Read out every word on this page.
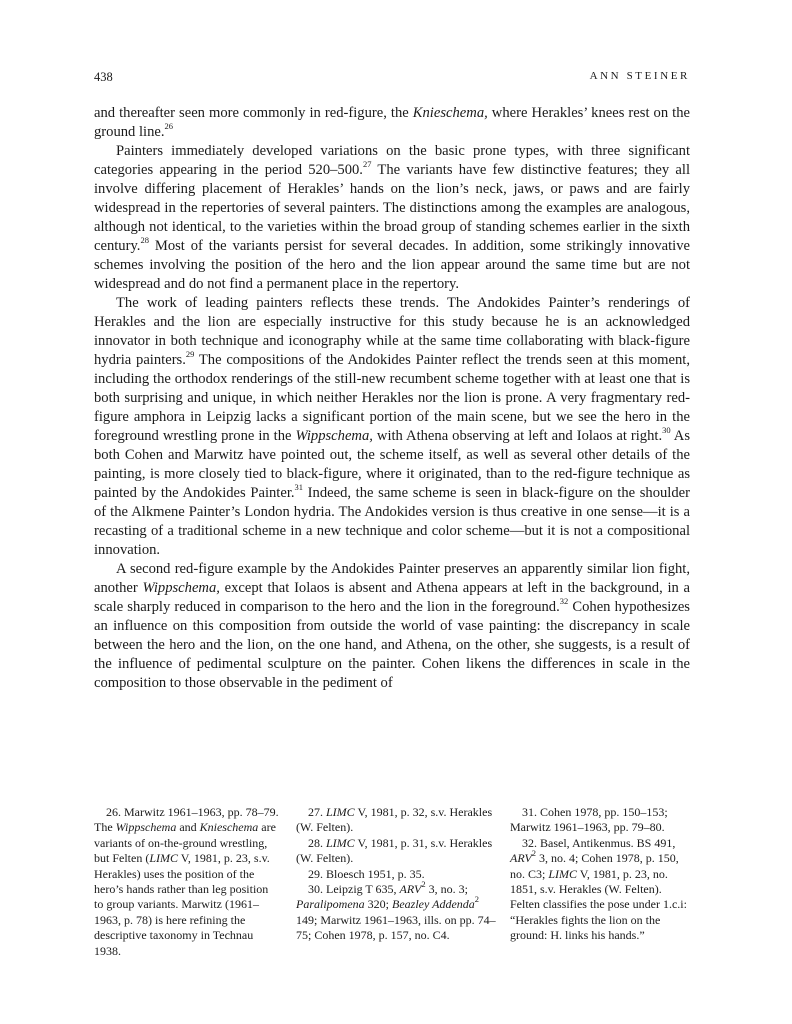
438	ANN STEINER

and thereafter seen more commonly in red-figure, the Knieschema, where Herakles’ knees rest on the ground line.$^{26}$

Painters immediately developed variations on the basic prone types, with three significant categories appearing in the period 520–500.27 The variants have few distinctive features; they all involve differing placement of Herakles’ hands on the lion’s neck, jaws, or paws and are fairly widespread in the repertories of several painters. The distinctions among the examples are analogous, although not identical, to the varieties within the broad group of standing schemes earlier in the sixth century.$^{28}$ Most of the variants persist for several decades. In addition, some strikingly innovative schemes involving the position of the hero and the lion appear around the same time but are not widespread and do not find a permanent place in the repertory.

The work of leading painters reflects these trends. The Andokides Painter’s renderings of Herakles and the lion are especially instructive for this study because he is an acknowledged innovator in both technique and iconography while at the same time collaborating with black-figure hydria painters.$^{29}$ The compositions of the Andokides Painter reflect the trends seen at this moment, including the orthodox renderings of the still-new recumbent scheme together with at least one that is both surprising and unique, in which neither Herakles nor the lion is prone. A very fragmentary red-figure amphora in Leipzig lacks a significant portion of the main scene, but we see the hero in the foreground wrestling prone in the Wippschema, with Athena observing at left and Iolaos at right.$^{30}$ As both Cohen and Marwitz have pointed out, the scheme itself, as well as several other details of the painting, is more closely tied to black-figure, where it originated, than to the red-figure technique as painted by the Andokides Painter.$^{31}$ Indeed, the same scheme is seen in black-figure on the shoulder of the Alkmene Painter’s London hydria. The Andokides version is thus creative in one sense—it is a recasting of a traditional scheme in a new technique and color scheme—but it is not a compositional innovation.

A second red-figure example by the Andokides Painter preserves an apparently similar lion fight, another Wippschema, except that Iolaos is absent and Athena appears at left in the background, in a scale sharply reduced in comparison to the hero and the lion in the foreground.$^{32}$ Cohen hypothesizes an influence on this composition from outside the world of vase painting: the discrepancy in scale between the hero and the lion, on the one hand, and Athena, on the other, she suggests, is a result of the influence of pedimental sculpture on the painter. Cohen likens the differences in scale in the composition to those observable in the pediment of

26. Marwitz 1961–1963, pp. 78–79. The Wippschema and Knieschema are variants of on-the-ground wrestling, but Felten (LIMC V, 1981, p. 23, s.v. Herakles) uses the position of the hero’s hands rather than leg position to group variants. Marwitz (1961–1963, p. 78) is here refining the descriptive taxonomy in Technau 1938.

27. LIMC V, 1981, p. 32, s.v. Herakles (W. Felten).

28. LIMC V, 1981, p. 31, s.v. Herakles (W. Felten).

29. Bloesch 1951, p. 35.

30. Leipzig T 635, ARV$^2$ 3, no. 3; Paralipomena 320; Beazley Addenda$^2$ 149; Marwitz 1961–1963, ills. on pp. 74–75; Cohen 1978, p. 157, no. C4.

31. Cohen 1978, pp. 150–153; Marwitz 1961–1963, pp. 79–80.

32. Basel, Antikenmus. BS 491, ARV$^2$ 3, no. 4; Cohen 1978, p. 150, no. C3; LIMC V, 1981, p. 23, no. 1851, s.v. Herakles (W. Felten). Felten classifies the pose under 1.c.i: “Herakles fights the lion on the ground: H. links his hands.”
